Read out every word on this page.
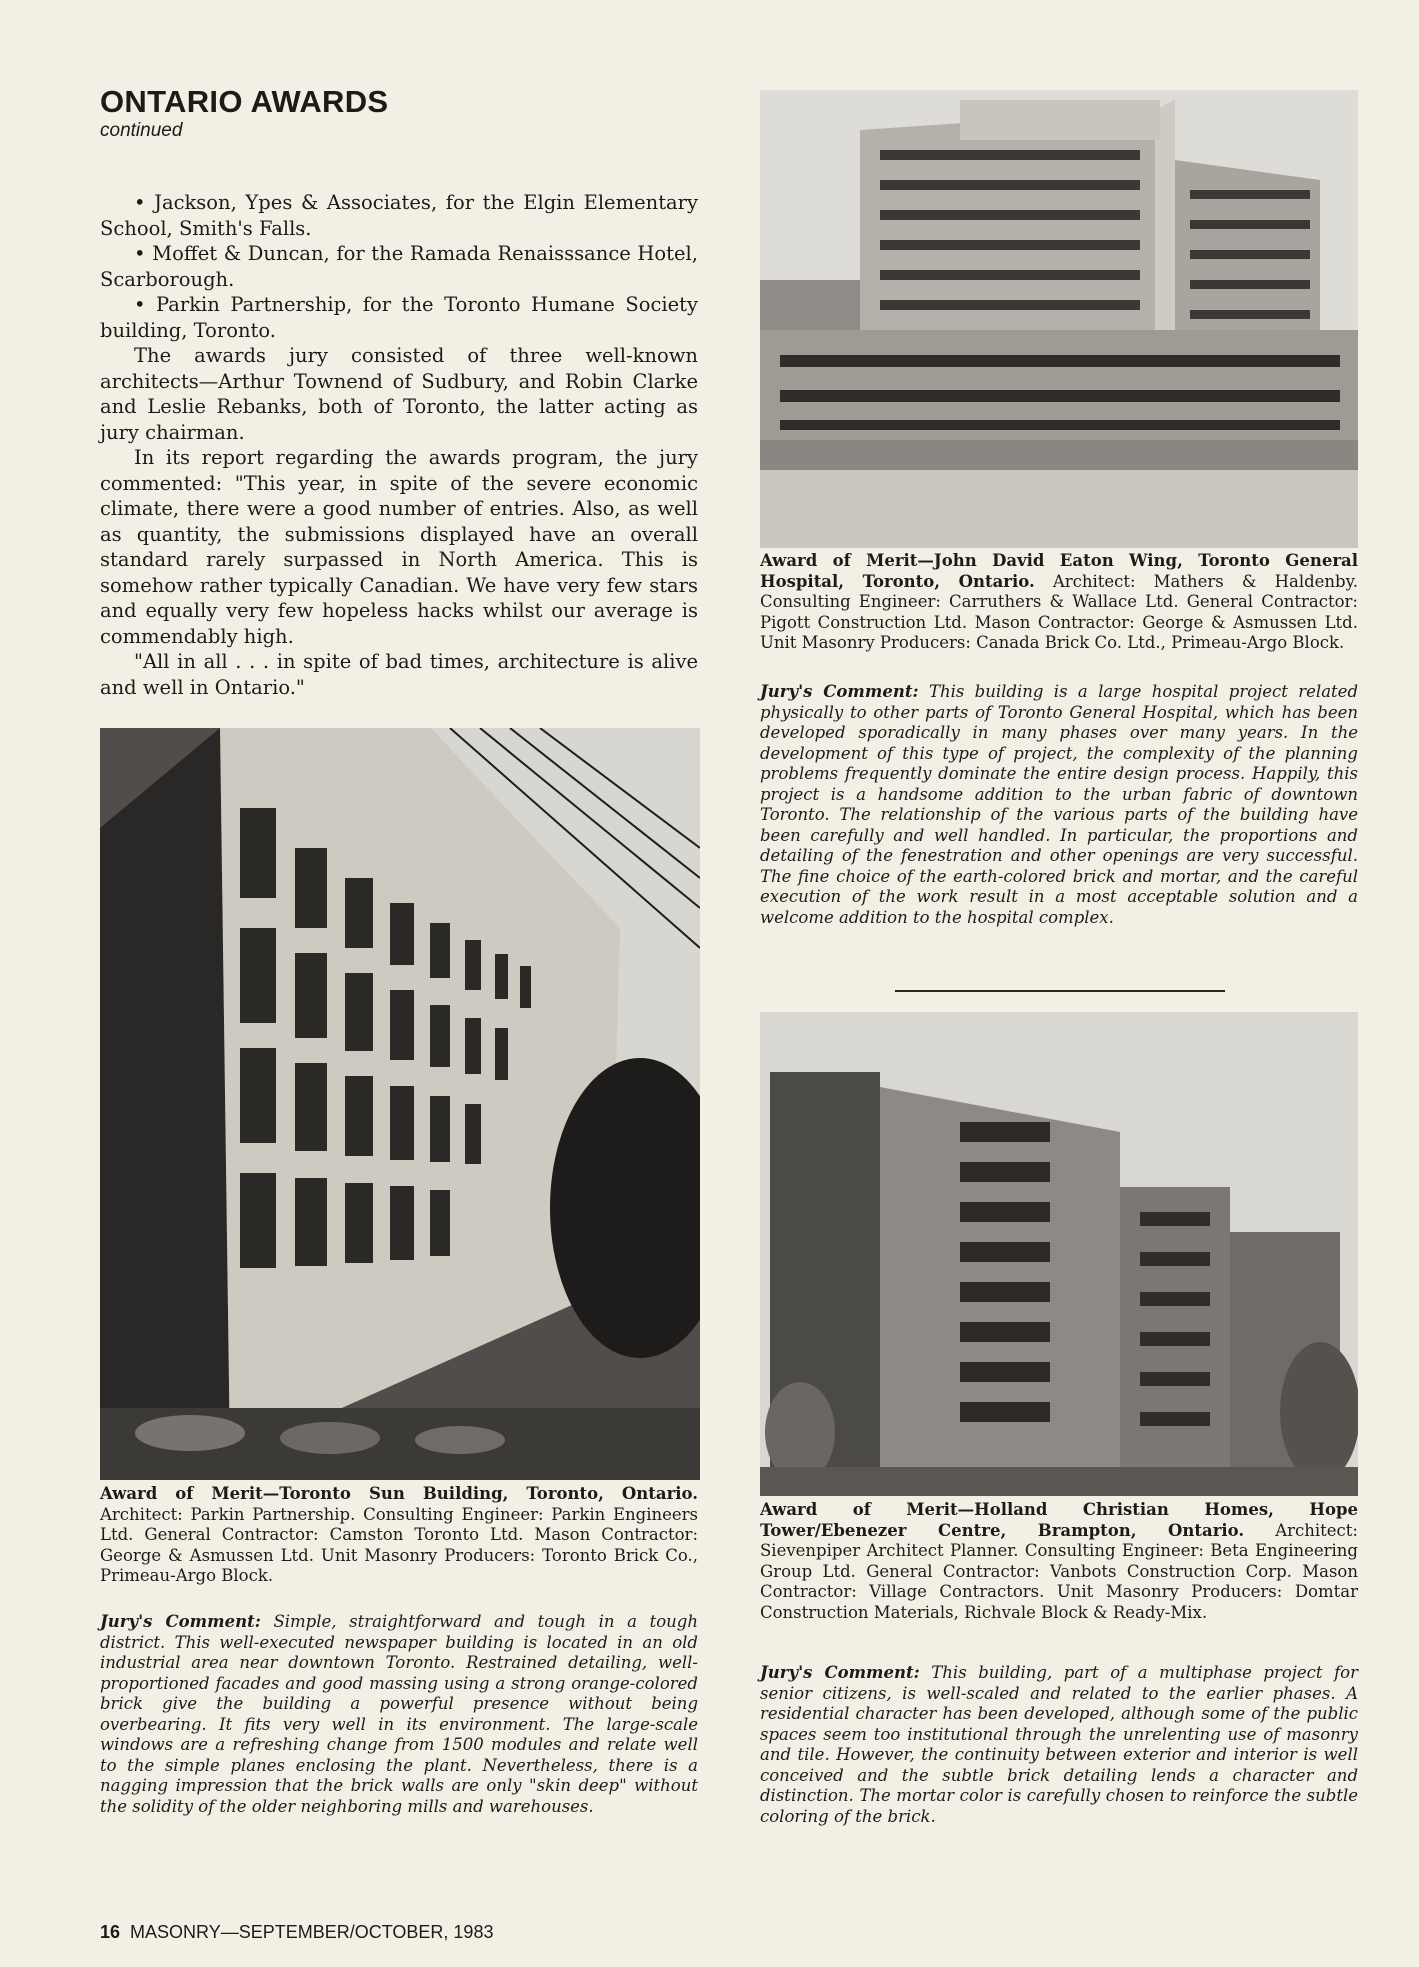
ONTARIO AWARDS
continued

• Jackson, Ypes & Associates, for the Elgin Elementary School, Smith's Falls.

• Moffet & Duncan, for the Ramada Renaisssance Hotel, Scarborough.

• Parkin Partnership, for the Toronto Humane Society building, Toronto.

The awards jury consisted of three well-known architects—Arthur Townend of Sudbury, and Robin Clarke and Leslie Rebanks, both of Toronto, the latter acting as jury chairman.

In its report regarding the awards program, the jury commented: "This year, in spite of the severe economic climate, there were a good number of entries. Also, as well as quantity, the submissions displayed have an overall standard rarely surpassed in North America. This is somehow rather typically Canadian. We have very few stars and equally very few hopeless hacks whilst our average is commendably high.

"All in all . . . in spite of bad times, architecture is alive and well in Ontario."

Award of Merit—Toronto Sun Building, Toronto, Ontario. Architect: Parkin Partnership. Consulting Engineer: Parkin Engineers Ltd. General Contractor: Camston Toronto Ltd. Mason Contractor: George & Asmussen Ltd. Unit Masonry Producers: Toronto Brick Co., Primeau-Argo Block.
Jury's Comment: Simple, straightforward and tough in a tough district. This well-executed newspaper building is located in an old industrial area near downtown Toronto. Restrained detailing, well-proportioned facades and good massing using a strong orange-colored brick give the building a powerful presence without being overbearing. It fits very well in its environment. The large-scale windows are a refreshing change from 1500 modules and relate well to the simple planes enclosing the plant. Nevertheless, there is a nagging impression that the brick walls are only "skin deep" without the solidity of the older neighboring mills and warehouses.
Award of Merit—John David Eaton Wing, Toronto General Hospital, Toronto, Ontario. Architect: Mathers & Haldenby. Consulting Engineer: Carruthers & Wallace Ltd. General Contractor: Pigott Construction Ltd. Mason Contractor: George & Asmussen Ltd. Unit Masonry Producers: Canada Brick Co. Ltd., Primeau-Argo Block.
Jury's Comment: This building is a large hospital project related physically to other parts of Toronto General Hospital, which has been developed sporadically in many phases over many years. In the development of this type of project, the complexity of the planning problems frequently dominate the entire design process. Happily, this project is a handsome addition to the urban fabric of downtown Toronto. The relationship of the various parts of the building have been carefully and well handled. In particular, the proportions and detailing of the fenestration and other openings are very successful. The fine choice of the earth-colored brick and mortar, and the careful execution of the work result in a most acceptable solution and a welcome addition to the hospital complex.
Award of Merit—Holland Christian Homes, Hope Tower/Ebenezer Centre, Brampton, Ontario. Architect: Sievenpiper Architect Planner. Consulting Engineer: Beta Engineering Group Ltd. General Contractor: Vanbots Construction Corp. Mason Contractor: Village Contractors. Unit Masonry Producers: Domtar Construction Materials, Richvale Block & Ready-Mix.
Jury's Comment: This building, part of a multiphase project for senior citizens, is well-scaled and related to the earlier phases. A residential character has been developed, although some of the public spaces seem too institutional through the unrelenting use of masonry and tile. However, the continuity between exterior and interior is well conceived and the subtle brick detailing lends a character and distinction. The mortar color is carefully chosen to reinforce the subtle coloring of the brick.
16 MASONRY—SEPTEMBER/OCTOBER, 1983
